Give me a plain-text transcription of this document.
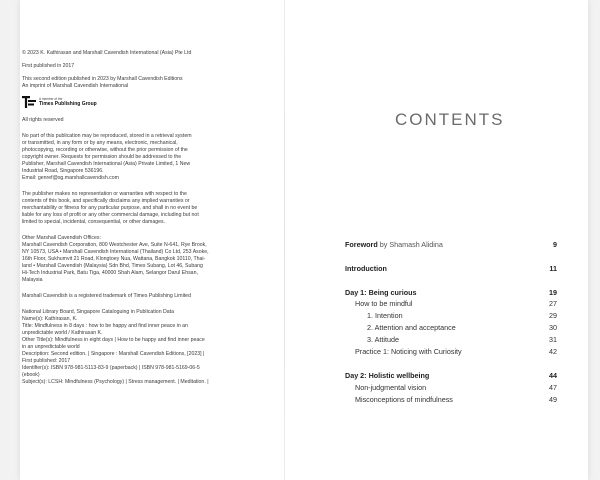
© 2023 K. Kathirasan and Marshall Cavendish International (Asia) Pte Ltd

First published in 2017

This second edition published in 2023 by Marshall Cavendish Editions
An imprint of Marshall Cavendish International

A member of the
Times Publishing Group

All rights reserved

No part of this publication may be reproduced, stored in a retrieval system
or transmitted, in any form or by any means, electronic, mechanical,
photocopying, recording or otherwise, without the prior permission of the
copyright owner. Requests for permission should be addressed to the
Publisher, Marshall Cavendish International (Asia) Private Limited, 1 New
Industrial Road, Singapore 536196.
Email: genref@sg.marshallcavendish.com

The publisher makes no representation or warranties with respect to the
contents of this book, and specifically disclaims any implied warranties or
merchantability or fitness for any particular purpose, and shall in no event be
liable for any loss of profit or any other commercial damage, including but not
limited to special, incidental, consequential, or other damages.

Other Marshall Cavendish Offices:
Marshall Cavendish Corporation, 800 Westchester Ave, Suite N-641, Rye Brook,
NY 10573, USA • Marshall Cavendish International (Thailand) Co Ltd, 253 Asoke,
16th Floor, Sukhumvit 21 Road, Klongtoey Nua, Wattana, Bangkok 10110, Thai-
land • Marshall Cavendish (Malaysia) Sdn Bhd, Times Subang, Lot 46, Subang
Hi-Tech Industrial Park, Batu Tiga, 40000 Shah Alam, Selangor Darul Ehsan,
Malaysia

Marshall Cavendish is a registered trademark of Times Publishing Limited

National Library Board, Singapore Cataloguing in Publication Data
Name(s): Kathirasan, K.
Title: Mindfulness in 8 days : how to be happy and find inner peace in an
unpredictable world / Kathirasan K.
Other Title(s): Mindfulness in eight days | How to be happy and find inner peace
in an unpredictable world
Description: Second edition. | Singapore : Marshall Cavendish Editions, [2023] |
First published: 2017
Identifier(s): ISBN 978-981-5113-83-9 (paperback) | ISBN 978-981-5169-06-5
(ebook)
Subject(s): LCSH: Mindfulness (Psychology) | Stress management. | Meditation. |

CONTENTS
Foreword by Shamash Alidina	9
Introduction	11
Day 1: Being curious	19
How to be mindful	27
1. Intention	29
2. Attention and acceptance	30
3. Attitude	31
Practice 1: Noticing with Curiosity	42
Day 2: Holistic wellbeing	44
Non-judgmental vision	47
Misconceptions of mindfulness	49
